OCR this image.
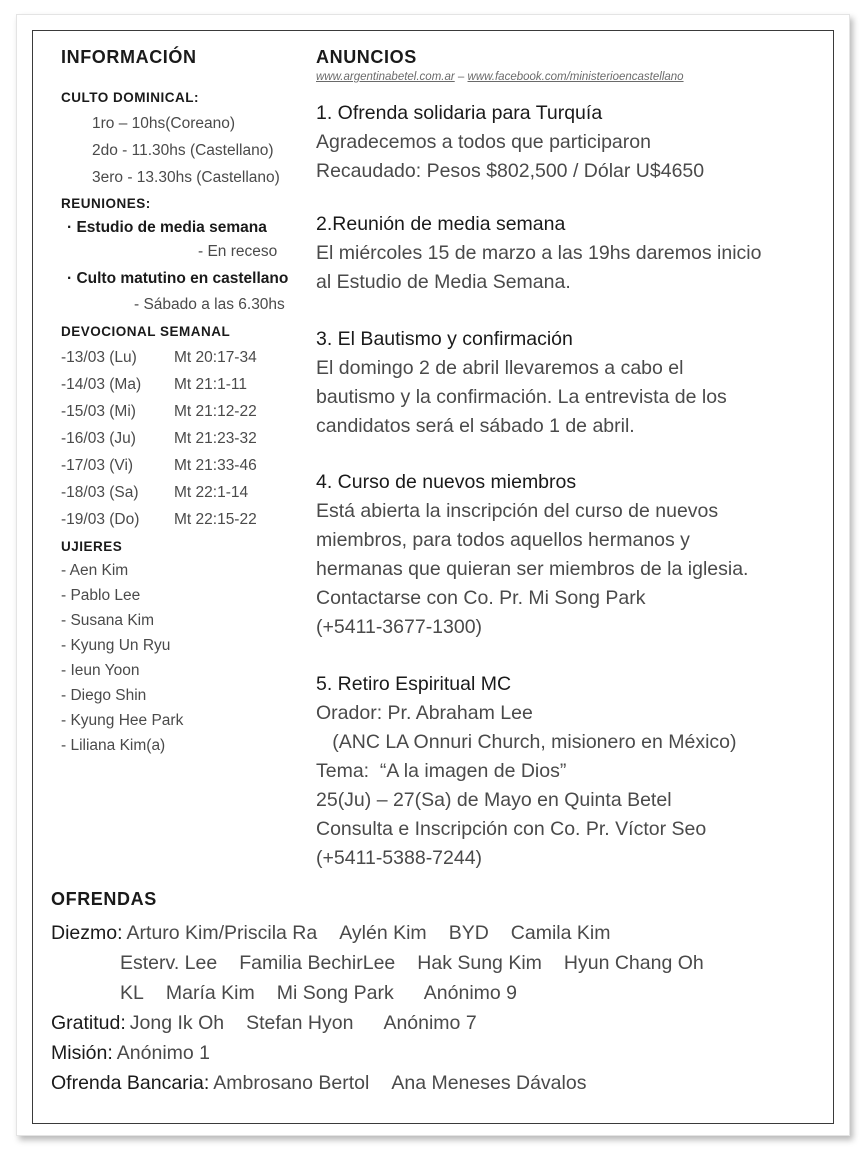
INFORMACIÓN
CULTO DOMINICAL:
1ro – 10hs(Coreano)
2do - 11.30hs (Castellano)
3ero - 13.30hs (Castellano)
REUNIONES:
· Estudio de media semana
- En receso
· Culto matutino en castellano
- Sábado a las 6.30hs
DEVOCIONAL SEMANAL
-13/03 (Lu) Mt 20:17-34
-14/03 (Ma) Mt 21:1-11
-15/03 (Mi) Mt 21:12-22
-16/03 (Ju) Mt 21:23-32
-17/03 (Vi)	Mt 21:33-46
-18/03 (Sa) Mt 22:1-14
-19/03 (Do) Mt 22:15-22
UJIERES
- Aen Kim
- Pablo Lee
- Susana Kim
- Kyung Un Ryu
- Ieun Yoon
- Diego Shin
- Kyung Hee Park
- Liliana Kim(a)
ANUNCIOS
www.argentinabetel.com.ar – www.facebook.com/ministerioencastellano
1. Ofrenda solidaria para Turquía
Agradecemos a todos que participaron
Recaudado: Pesos $802,500 / Dólar U$4650
2.Reunión de media semana
El miércoles 15 de marzo a las 19hs daremos inicio
al Estudio de Media Semana.
3. El Bautismo y confirmación
El domingo 2 de abril llevaremos a cabo el
bautismo y la confirmación. La entrevista de los
candidatos será el sábado 1 de abril.
4. Curso de nuevos miembros
Está abierta la inscripción del curso de nuevos
miembros, para todos aquellos hermanos y
hermanas que quieran ser miembros de la iglesia.
Contactarse con Co. Pr. Mi Song Park
(+5411-3677-1300)
5. Retiro Espiritual MC
Orador: Pr. Abraham Lee
(ANC LA Onnuri Church, misionero en México)
Tema:  “A la imagen de Dios”
25(Ju) – 27(Sa) de Mayo en Quinta Betel
Consulta e Inscripción con Co. Pr. Víctor Seo
(+5411-5388-7244)
OFRENDAS
Diezmo: Arturo Kim/Priscila Ra Aylén Kim BYD Camila Kim
Esterv. Lee Familia BechirLee Hak Sung Kim Hyun Chang Oh
KL María Kim Mi Song Park Anónimo 9
Gratitud: Jong Ik Oh Stefan Hyon Anónimo 7
Misión: Anónimo 1
Ofrenda Bancaria: Ambrosano Bertol Ana Meneses Dávalos
